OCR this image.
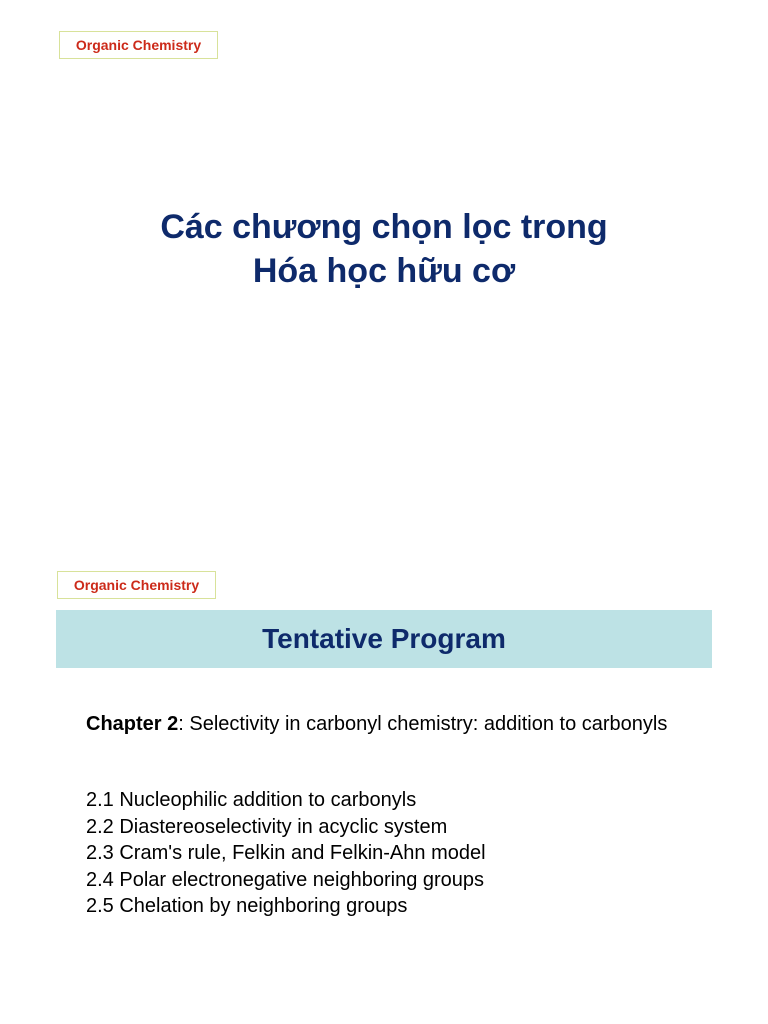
Organic Chemistry
Các chương chọn lọc trong
Hóa học hữu cơ
Organic Chemistry
Tentative Program
Chapter 2: Selectivity in carbonyl chemistry: addition to carbonyls
2.1 Nucleophilic addition to carbonyls
2.2 Diastereoselectivity in acyclic system
2.3 Cram's rule, Felkin and Felkin-Ahn model
2.4 Polar electronegative neighboring groups
2.5 Chelation by neighboring groups
